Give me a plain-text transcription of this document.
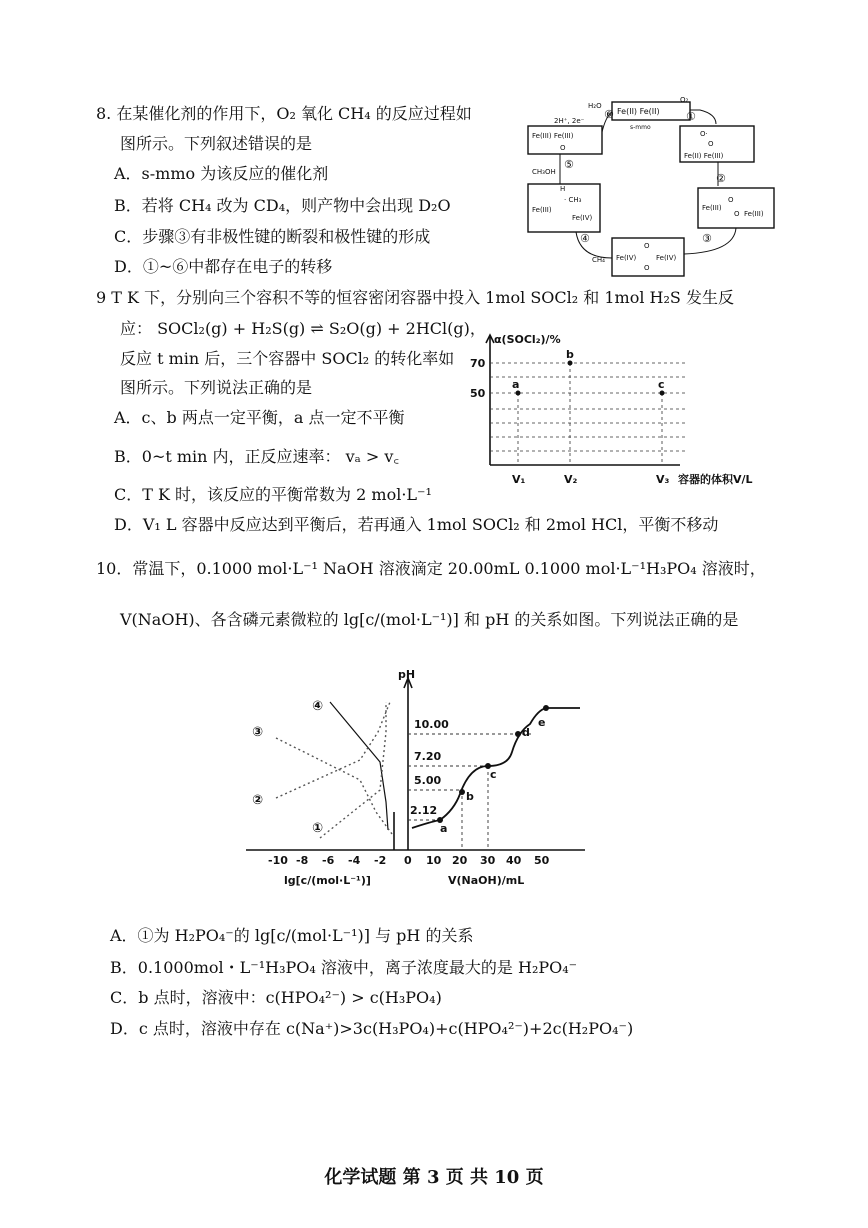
8. 在某催化剂的作用下，O₂ 氧化 CH₄ 的反应过程如
图所示。下列叙述错误的是
A．s-mmo 为该反应的催化剂
B．若将 CH₄ 改为 CD₄，则产物中会出现 D₂O
C．步骤③有非极性键的断裂和极性键的形成
D．①~⑥中都存在电子的转移
Fe(II) Fe(II)
s-mmo
H₂O
2H⁺, 2e⁻
O₂
①
⑥
Fe(III) Fe(III)
O
O·
O
Fe(II) Fe(III)
Fe(III)
Fe(III)
O
O
②
Fe(IV)	Fe(IV)
O
O
③
H
· CH₃
Fe(III)
Fe(IV)
④
CH₄
CH₃OH
⑤
9 T K 下，分别向三个容积不等的恒容密闭容器中投入 1mol SOCl₂ 和 1mol H₂S 发生反
应： SOCl₂(g) + H₂S(g) ⇌ S₂O(g) + 2HCl(g)，
反应 t min 后，三个容器中 SOCl₂ 的转化率如
图所示。下列说法正确的是
A．c、b 两点一定平衡，a 点一定不平衡
B．0~t min 内，正反应速率： vₐ > v꜀
C．T K 时，该反应的平衡常数为 2 mol·L⁻¹
D．V₁ L 容器中反应达到平衡后，若再通入 1mol SOCl₂ 和 2mol HCl，平衡不移动
α(SOCl₂)/%
70
50
V₁	V₂	V₃ 容器的体积V/L
a
b
c
10．常温下，0.1000 mol·L⁻¹ NaOH 溶液滴定 20.00mL 0.1000 mol·L⁻¹H₃PO₄ 溶液时，
V(NaOH)、各含磷元素微粒的 lg[c/(mol·L⁻¹)] 和 pH 的关系如图。下列说法正确的是
pH
10.00
7.20
5.00
2.12
a
b
c
d
e
①
②
③
④
-10 -8 -6 -4 -2 0 10 20 30 40 50
lg[c/(mol·L⁻¹)]	V(NaOH)/mL
A．①为 H₂PO₄⁻的 lg[c/(mol·L⁻¹)] 与 pH 的关系
B．0.1000mol・L⁻¹H₃PO₄ 溶液中，离子浓度最大的是 H₂PO₄⁻
C．b 点时，溶液中：c(HPO₄²⁻) > c(H₃PO₄)
D．c 点时，溶液中存在 c(Na⁺)>3c(H₃PO₄)+c(HPO₄²⁻)+2c(H₂PO₄⁻)
化学试题 第 3 页 共 10 页
